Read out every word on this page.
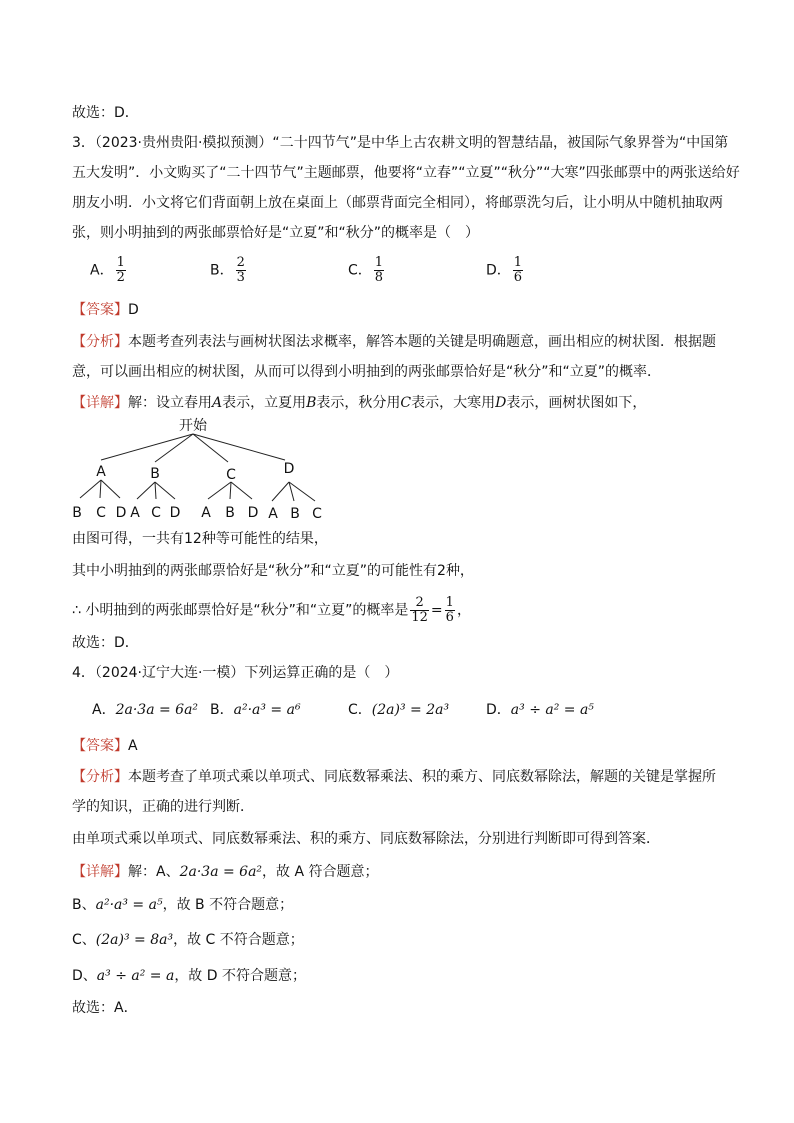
故选：D．
3．（2023·贵州贵阳·模拟预测）“二十四节气”是中华上古农耕文明的智慧结晶，被国际气象界誉为“中国第
五大发明”．小文购买了“二十四节气”主题邮票，他要将“立春”“立夏”“秋分”“大寒”四张邮票中的两张送给好
朋友小明．小文将它们背面朝上放在桌面上（邮票背面完全相同），将邮票洗匀后，让小明从中随机抽取两
张，则小明抽到的两张邮票恰好是“立夏”和“秋分”的概率是（　）
A． $\frac{1}{2}$	B． $\frac{2}{3}$	C． $\frac{1}{8}$	D． $\frac{1}{6}$
【答案】D
【分析】本题考查列表法与画树状图法求概率，解答本题的关键是明确题意，画出相应的树状图．根据题
意，可以画出相应的树状图，从而可以得到小明抽到的两张邮票恰好是“秋分”和“立夏”的概率．
【详解】解：设立春用A表示，立夏用B表示，秋分用C表示，大寒用D表示，画树状图如下，
开始
A	B	C	D
B C D A C D A B D A B C
由图可得，一共有12种等可能性的结果，
其中小明抽到的两张邮票恰好是“秋分”和“立夏”的可能性有2种，
∴ 小明抽到的两张邮票恰好是“秋分”和“立夏”的概率是 $\frac{2}{12} = \frac{1}{6}$ ，
故选：D．
4．（2024·辽宁大连·一模）下列运算正确的是（　）
A．2a·3a = 6a² B．a²·a³ = a⁶	C．(2a)³ = 2a³	D．a³ ÷ a² = a⁵
【答案】A
【分析】本题考查了单项式乘以单项式、同底数幂乘法、积的乘方、同底数幂除法，解题的关键是掌握所
学的知识，正确的进行判断．
由单项式乘以单项式、同底数幂乘法、积的乘方、同底数幂除法，分别进行判断即可得到答案．
【详解】解：A、2a·3a = 6a²，故 A 符合题意；
B、a²·a³ = a⁵，故 B 不符合题意；
C、(2a)³ = 8a³，故 C 不符合题意；
D、a³ ÷ a² = a，故 D 不符合题意；
故选：A．
